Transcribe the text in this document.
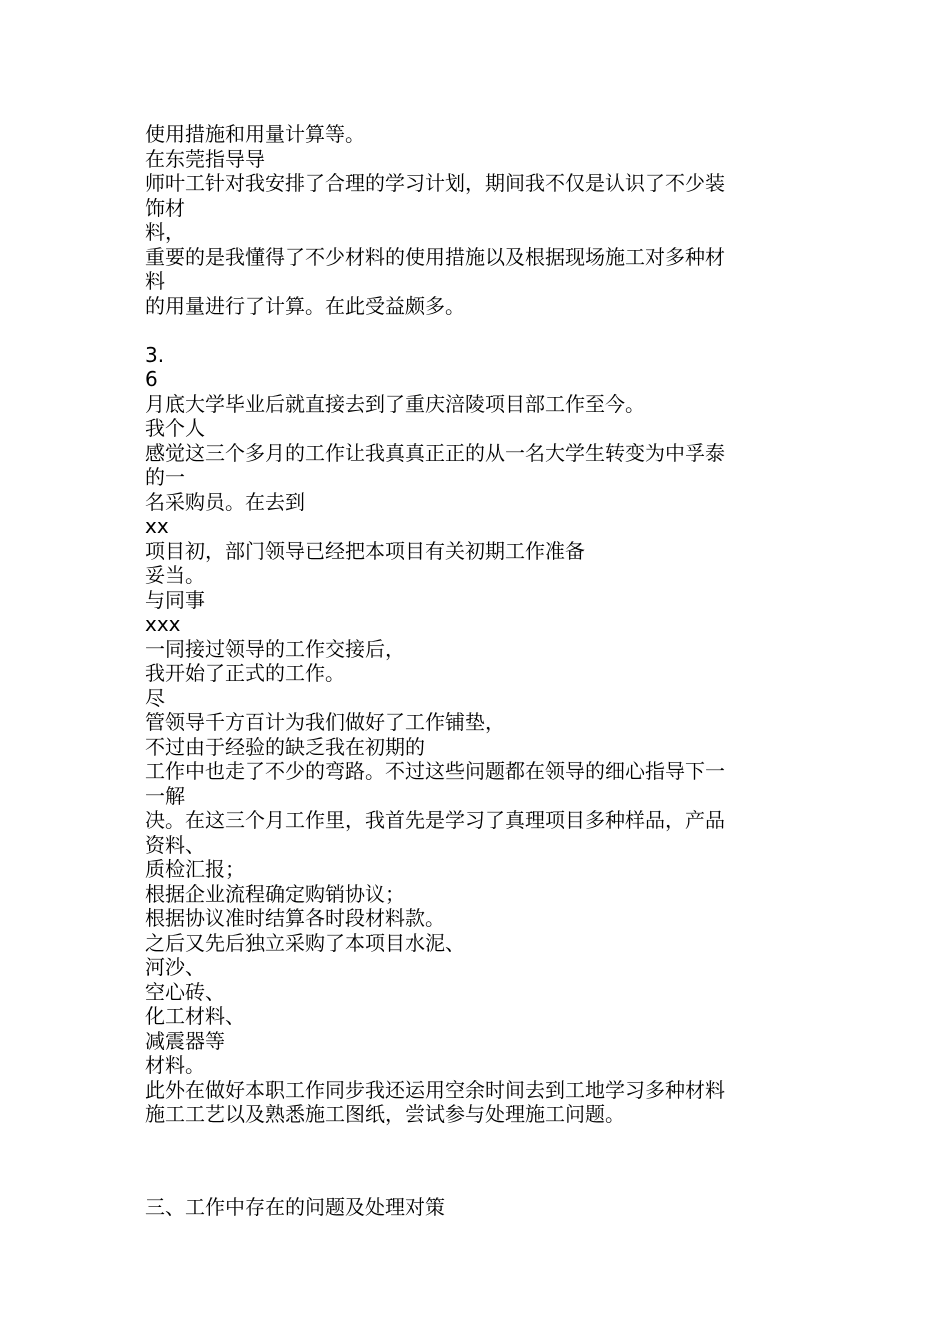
使用措施和用量计算等。
在东莞指导导
师叶工针对我安排了合理的学习计划，期间我不仅是认识了不少装
饰材
料，
重要的是我懂得了不少材料的使用措施以及根据现场施工对多种材
料
的用量进行了计算。在此受益颇多。
3.
6
月底大学毕业后就直接去到了重庆涪陵项目部工作至今。
我个人
感觉这三个多月的工作让我真真正正的从一名大学生转变为中孚泰
的一
名采购员。在去到
xx
项目初，部门领导已经把本项目有关初期工作准备
妥当。
与同事
xxx
一同接过领导的工作交接后，
我开始了正式的工作。
尽
管领导千方百计为我们做好了工作铺垫，
不过由于经验的缺乏我在初期的
工作中也走了不少的弯路。不过这些问题都在领导的细心指导下一
一解
决。在这三个月工作里，我首先是学习了真理项目多种样品，产品
资料、
质检汇报；
根据企业流程确定购销协议；
根据协议准时结算各时段材料款。
之后又先后独立采购了本项目水泥、
河沙、
空心砖、
化工材料、
减震器等
材料。
此外在做好本职工作同步我还运用空余时间去到工地学习多种材料
施工工艺以及熟悉施工图纸，尝试参与处理施工问题。
三、工作中存在的问题及处理对策
